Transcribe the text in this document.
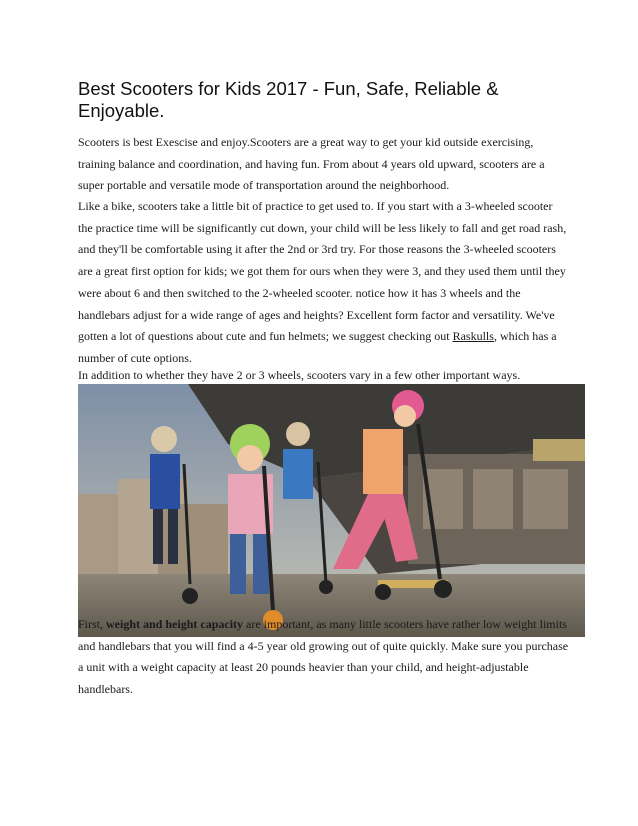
Best Scooters for Kids 2017 - Fun, Safe, Reliable & Enjoyable.

Scooters is best Exescise and enjoy.Scooters are a great way to get your kid outside exercising, training balance and coordination, and having fun. From about 4 years old upward, scooters are a super portable and versatile mode of transportation around the neighborhood.

Like a bike, scooters take a little bit of practice to get used to. If you start with a 3-wheeled scooter the practice time will be significantly cut down, your child will be less likely to fall and get road rash, and they'll be comfortable using it after the 2nd or 3rd try. For those reasons the 3-wheeled scooters are a great first option for kids; we got them for ours when they were 3, and they used them until they were about 6 and then switched to the 2-wheeled scooter. notice how it has 3 wheels and the handlebars adjust for a wide range of ages and heights? Excellent form factor and versatility. We've gotten a lot of questions about cute and fun helmets; we suggest checking out Raskulls, which has a number of cute options.

In addition to whether they have 2 or 3 wheels, scooters vary in a few other important ways.

First, weight and height capacity are important, as many little scooters have rather low weight limits and handlebars that you will find a 4-5 year old growing out of quite quickly. Make sure you purchase a unit with a weight capacity at least 20 pounds heavier than your child, and height-adjustable handlebars.
